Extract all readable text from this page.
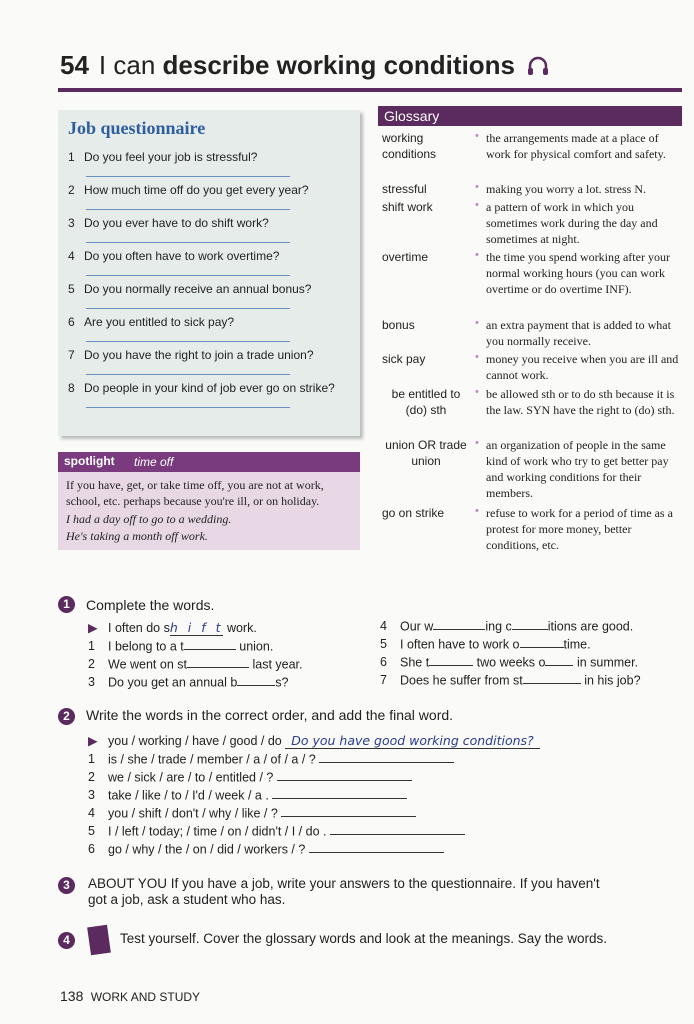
54 I can describe working conditions
Job questionnaire
1 Do you feel your job is stressful?
2 How much time off do you get every year?
3 Do you ever have to do shift work?
4 Do you often have to work overtime?
5 Do you normally receive an annual bonus?
6 Are you entitled to sick pay?
7 Do you have the right to join a trade union?
8 Do people in your kind of job ever go on strike?
spotlight time off
If you have, get, or take time off, you are not at work,
school, etc. perhaps because you're ill, or on holiday.
I had a day off to go to a wedding.
He's taking a month off work.
Glossary
working conditions
• the arrangements made at a place of work for physical comfort and safety.
stressful	• making you worry a lot. stress N.
shift work	• a pattern of work in which you sometimes work during the day and sometimes at night.
overtime	• the time you spend working after your normal working hours (you can work overtime or do overtime INF).
bonus	• an extra payment that is added to what you normally receive.
sick pay	• money you receive when you are ill and cannot work.
be entitled to (do) sth
• be allowed sth or to do sth because it is the law. SYN have the right to (do) sth.
union OR trade union
• an organization of people in the same kind of work who try to get better pay and working conditions for their members.
go on strike	• refuse to work for a period of time as a protest for more money, better conditions, etc.
1	Complete the words.
▶ I often do sh i f t work.
1 I belong to a t	union.
2 We went on st	last year.
3 Do you get an annual b	s?
4 Our w	ing c	itions are good.
5 I often have to work o	time.
6 She t	two weeks o	in summer.
7 Does he suffer from st	in his job?
2	Write the words in the correct order, and add the final word.
▶ you / working / have / good / do Do you have good working conditions?
1 is / she / trade / member / a / of / a / ?
2 we / sick / are / to / entitled / ?
3 take / like / to / I'd / week / a .
4 you / shift / don't / why / like / ?
5 I / left / today; / time / on / didn't / I / do .
6 go / why / the / on / did / workers / ?
3	ABOUT YOU If you have a job, write your answers to the questionnaire. If you haven't
got a job, ask a student who has.
4	Test yourself. Cover the glossary words and look at the meanings. Say the words.
138 WORK AND STUDY
